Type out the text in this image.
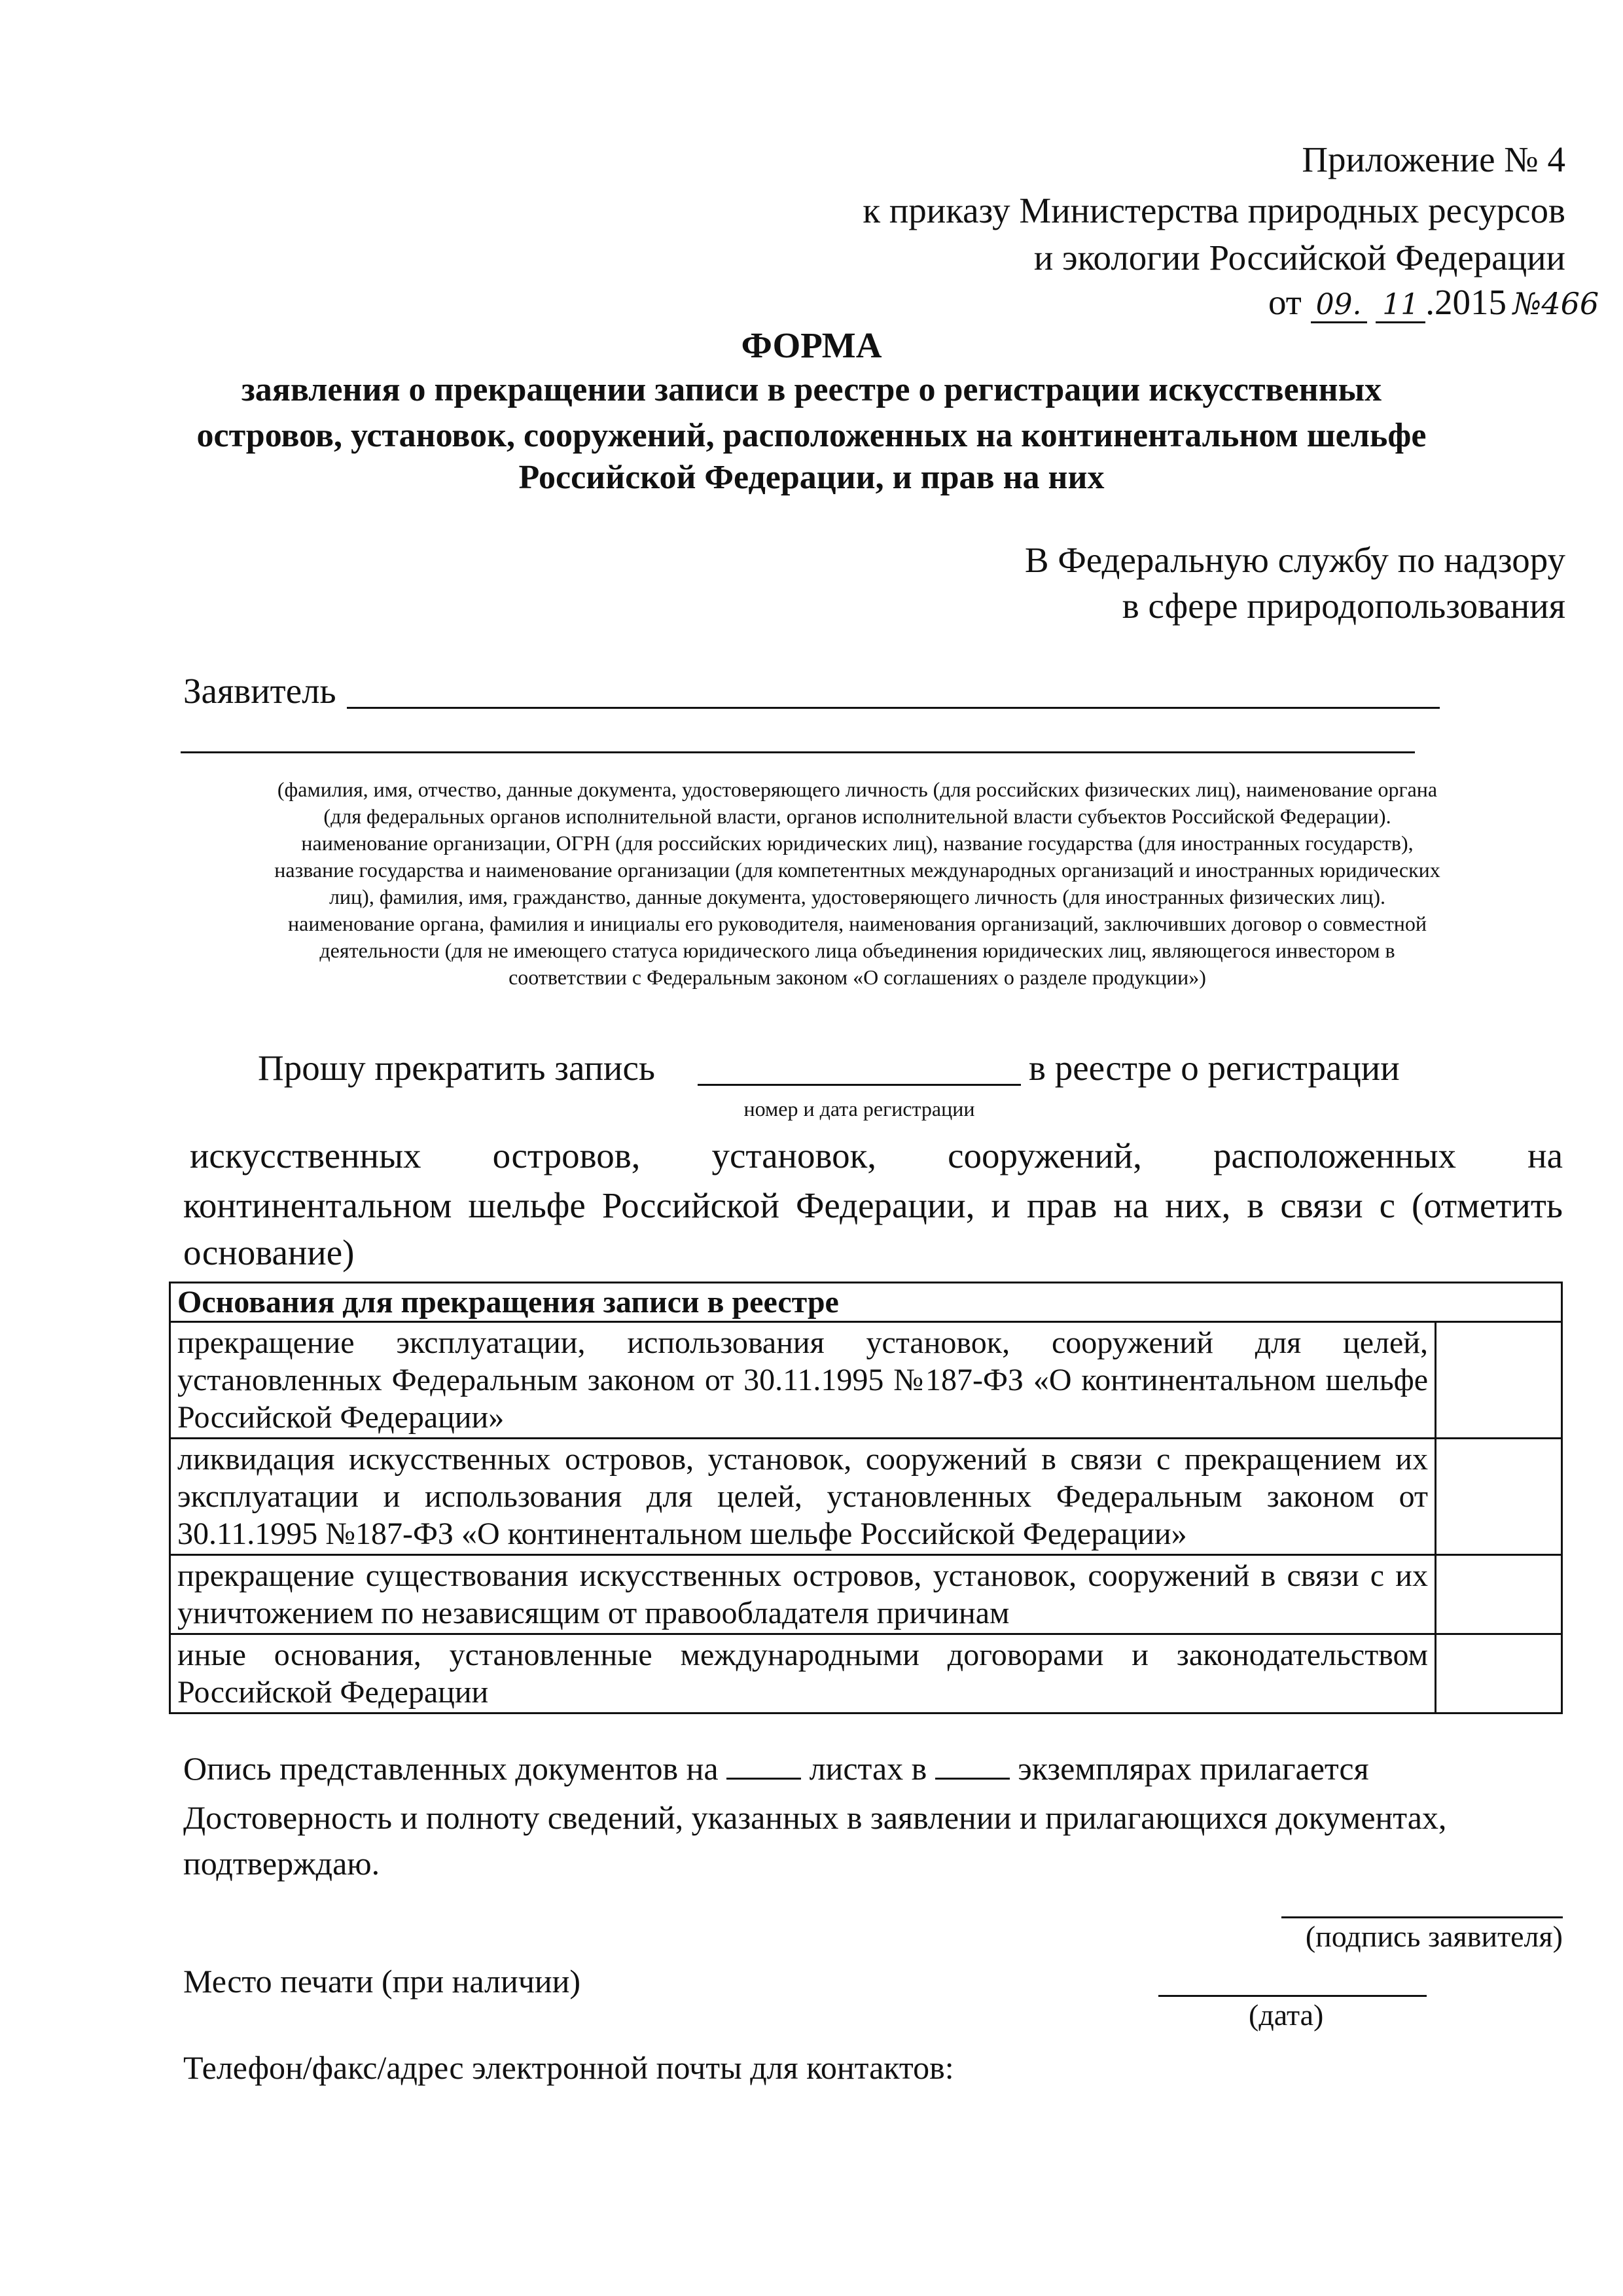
Приложение № 4
к приказу Министерства природных ресурсов
и экологии Российской Федерации
от 09. 11 .2015 №466
ФОРМА
заявления о прекращении записи в реестре о регистрации искусственных
островов, установок, сооружений, расположенных на континентальном шельфе
Российской Федерации, и прав на них
В Федеральную службу по надзору
в сфере природопользования
Заявитель
(фамилия, имя, отчество, данные документа, удостоверяющего личность (для российских физических лиц), наименование органа
(для федеральных органов исполнительной власти, органов исполнительной власти субъектов Российской Федерации).
наименование организации, ОГРН (для российских юридических лиц), название государства (для иностранных государств),
название государства и наименование организации (для компетентных международных организаций и иностранных юридических
лиц), фамилия, имя, гражданство, данные документа, удостоверяющего личность (для иностранных физических лиц).
наименование органа, фамилия и инициалы его руководителя, наименования организаций, заключивших договор о совместной
деятельности (для не имеющего статуса юридического лица объединения юридических лиц, являющегося инвестором в
соответствии с Федеральным законом «О соглашениях о разделе продукции»)
Прошу прекратить запись	в реестре о регистрации
номер и дата регистрации
искусственных островов, установок, сооружений, расположенных на
континентальном шельфе Российской Федерации, и прав на них, в связи с (отметить
основание)
Основания для прекращения записи в реестре	
прекращение эксплуатации, использования установок, сооружений для целей, установленных Федеральным законом от 30.11.1995 №187-ФЗ «О континентальном шельфе Российской Федерации»	
ликвидация искусственных островов, установок, сооружений в связи с прекращением их эксплуатации и использования для целей, установленных Федеральным законом от 30.11.1995 №187-ФЗ «О континентальном шельфе Российской Федерации»	
прекращение существования искусственных островов, установок, сооружений в связи с их уничтожением по независящим от правообладателя причинам	
иные основания, установленные международными договорами и законодательством Российской Федерации	
Опись представленных документов на	листах в	экземплярах прилагается
Достоверность и полноту сведений, указанных в заявлении и прилагающихся документах,
подтверждаю.
(подпись заявителя)
Место печати (при наличии)
(дата)
Телефон/факс/адрес электронной почты для контактов:
